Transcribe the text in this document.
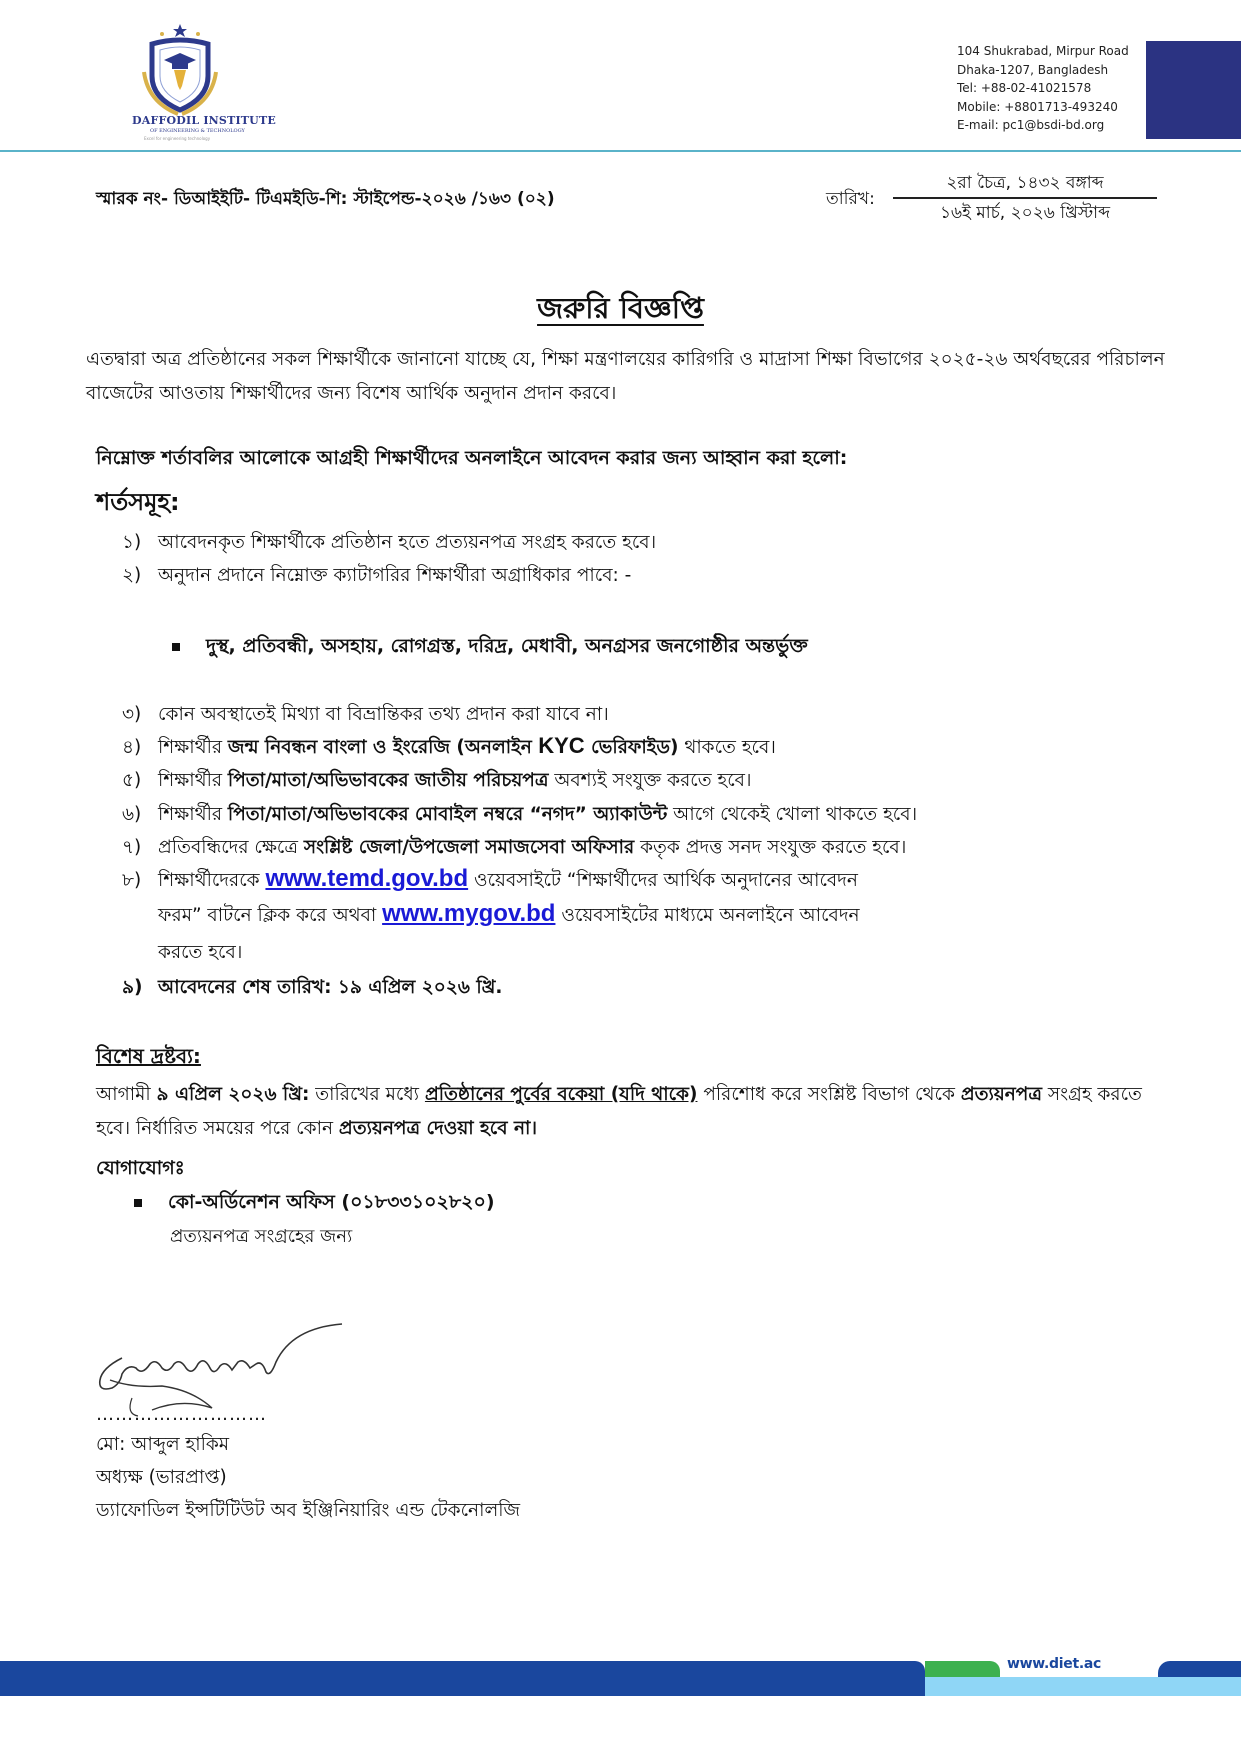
DAFFODIL INSTITUTE
OF ENGINEERING & TECHNOLOGY
Excel for engineering technology
104 Shukrabad, Mirpur Road
Dhaka-1207, Bangladesh
Tel: +88-02-41021578
Mobile: +8801713-493240
E-mail: pc1@bsdi-bd.org
স্মারক নং- ডিআইইটি- টিএমইডি-শি: স্টাইপেন্ড-২০২৬ /১৬৩ (০২)	তারিখ:
২রা চৈত্র, ১৪৩২ বঙ্গাব্দ
১৬ই মার্চ, ২০২৬ খ্রিস্টাব্দ
জরুরি বিজ্ঞপ্তি
এতদ্বারা অত্র প্রতিষ্ঠানের সকল শিক্ষার্থীকে জানানো যাচ্ছে যে, শিক্ষা মন্ত্রণালয়ের কারিগরি ও মাদ্রাসা শিক্ষা বিভাগের ২০২৫-২৬ অর্থবছরের পরিচালন বাজেটের আওতায় শিক্ষার্থীদের জন্য বিশেষ আর্থিক অনুদান প্রদান করবে।
নিম্নোক্ত শর্তাবলির আলোকে আগ্রহী শিক্ষার্থীদের অনলাইনে আবেদন করার জন্য আহ্বান করা হলো:
শর্তসমূহ:
১) আবেদনকৃত শিক্ষার্থীকে প্রতিষ্ঠান হতে প্রত্যয়নপত্র সংগ্রহ করতে হবে।
২) অনুদান প্রদানে নিম্নোক্ত ক্যাটাগরির শিক্ষার্থীরা অগ্রাধিকার পাবে: -
দুস্থ, প্রতিবন্ধী, অসহায়, রোগগ্রস্ত, দরিদ্র, মেধাবী, অনগ্রসর জনগোষ্ঠীর অন্তর্ভুক্ত
৩) কোন অবস্থাতেই মিথ্যা বা বিভ্রান্তিকর তথ্য প্রদান করা যাবে না।
৪) শিক্ষার্থীর জন্ম নিবন্ধন বাংলা ও ইংরেজি (অনলাইন KYC ভেরিফাইড) থাকতে হবে।
৫) শিক্ষার্থীর পিতা/মাতা/অভিভাবকের জাতীয় পরিচয়পত্র অবশ্যই সংযুক্ত করতে হবে।
৬) শিক্ষার্থীর পিতা/মাতা/অভিভাবকের মোবাইল নম্বরে “নগদ” অ্যাকাউন্ট আগে থেকেই খোলা থাকতে হবে।
৭) প্রতিবন্ধিদের ক্ষেত্রে সংশ্লিষ্ট জেলা/উপজেলা সমাজসেবা অফিসার কতৃক প্রদত্ত সনদ সংযুক্ত করতে হবে।
৮) শিক্ষার্থীদেরকে www.temd.gov.bd ওয়েবসাইটে “শিক্ষার্থীদের আর্থিক অনুদানের আবেদন
ফরম” বাটনে ক্লিক করে অথবা www.mygov.bd ওয়েবসাইটের মাধ্যমে অনলাইনে আবেদন
করতে হবে।
৯) আবেদনের শেষ তারিখ: ১৯ এপ্রিল ২০২৬ খ্রি.
বিশেষ দ্রষ্টব্য:
আগামী ৯ এপ্রিল ২০২৬ খ্রি: তারিখের মধ্যে প্রতিষ্ঠানের পুর্বের বকেয়া (যদি থাকে) পরিশোধ করে সংশ্লিষ্ট বিভাগ থেকে প্রত্যয়নপত্র সংগ্রহ করতে হবে। নির্ধারিত সময়ের পরে কোন প্রত্যয়নপত্র দেওয়া হবে না।
যোগাযোগঃ
কো-অর্ডিনেশন অফিস (০১৮৩৩১০২৮২০)
প্রত্যয়নপত্র সংগ্রহের জন্য
………………………
মো: আব্দুল হাকিম
অধ্যক্ষ (ভারপ্রাপ্ত)
ড্যাফোডিল ইন্সটিটিউট অব ইঞ্জিনিয়ারিং এন্ড টেকনোলজি
www.diet.ac
